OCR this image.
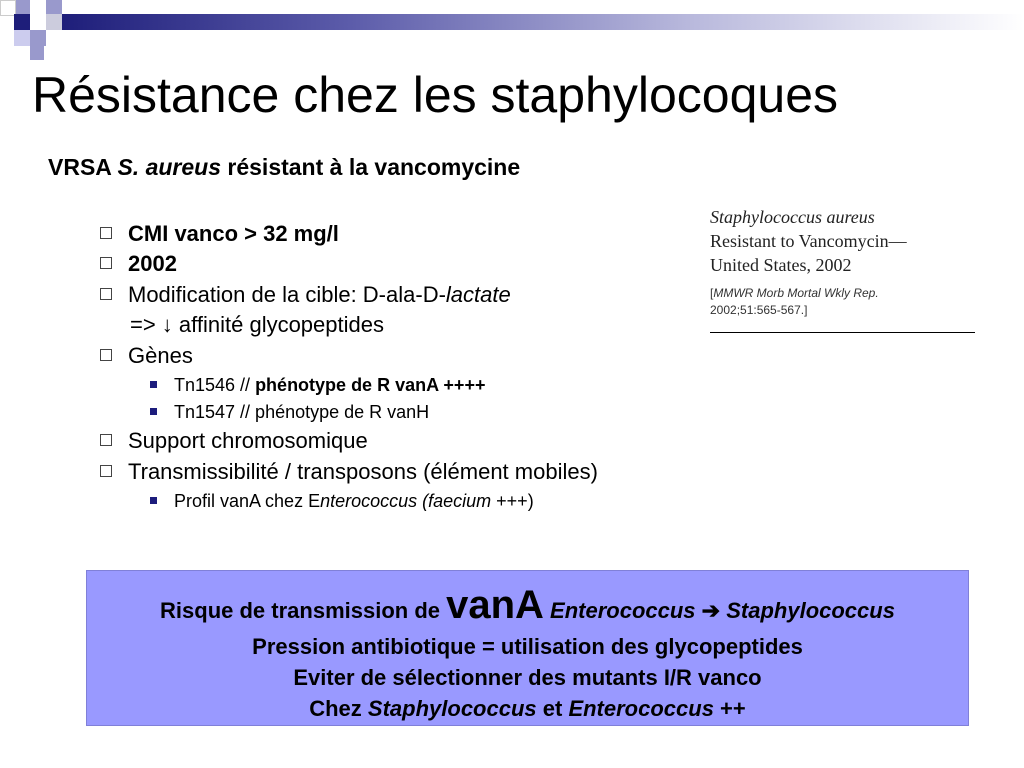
Résistance chez les staphylocoques
VRSA S. aureus résistant à la vancomycine
CMI vanco > 32 mg/l
2002
Modification de la cible: D-ala-D-lactate
=> ↓ affinité glycopeptides
Gènes
Tn1546 // phénotype de R vanA ++++
Tn1547 // phénotype de R vanH
Support chromosomique
Transmissibilité / transposons (élément mobiles)
Profil vanA chez Enterococcus (faecium +++)
Staphylococcus aureus
Resistant to Vancomycin—
United States, 2002
[MMWR Morb Mortal Wkly Rep.
2002;51:565-567.]
Risque de transmission de vanA Enterococcus ➔ Staphylococcus
Pression antibiotique = utilisation des glycopeptides
Eviter de sélectionner des mutants I/R vanco
Chez Staphylococcus et Enterococcus ++
